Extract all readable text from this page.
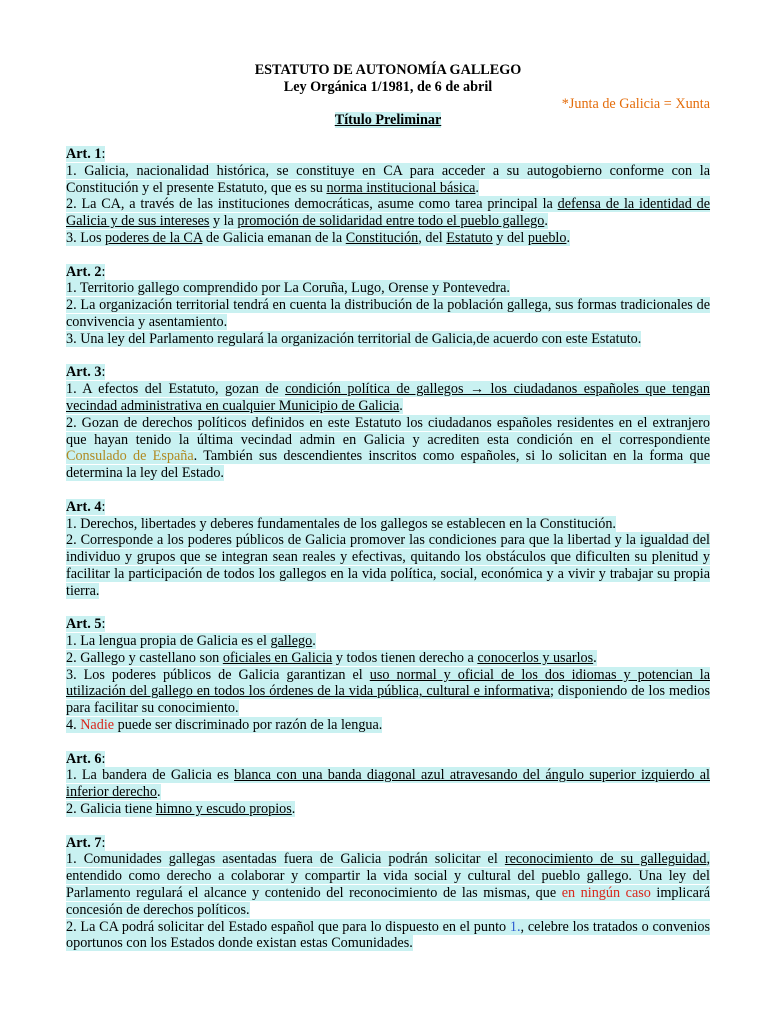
ESTATUTO DE AUTONOMÍA GALLEGO

Ley Orgánica 1/1981, de 6 de abril

*Junta de Galicia = Xunta

Título Preliminar

Art. 1:

1. Galicia, nacionalidad histórica, se constituye en CA para acceder a su autogobierno conforme con la Constitución y el presente Estatuto, que es su norma institucional básica.

2. La CA, a través de las instituciones democráticas, asume como tarea principal la defensa de la identidad de Galicia y de sus intereses y la promoción de solidaridad entre todo el pueblo gallego.

3. Los poderes de la CA de Galicia emanan de la Constitución, del Estatuto y del pueblo.

Art. 2:

1. Territorio gallego comprendido por La Coruña, Lugo, Orense y Pontevedra.

2. La organización territorial tendrá en cuenta la distribución de la población gallega, sus formas tradicionales de convivencia y asentamiento.

3. Una ley del Parlamento regulará la organización territorial de Galicia,de acuerdo con este Estatuto.

Art. 3:

1. A efectos del Estatuto, gozan de condición política de gallegos → los ciudadanos españoles que tengan vecindad administrativa en cualquier Municipio de Galicia.

2. Gozan de derechos políticos definidos en este Estatuto los ciudadanos españoles residentes en el extranjero que hayan tenido la última vecindad admin en Galicia y acrediten esta condición en el correspondiente Consulado de España. También sus descendientes inscritos como españoles, si lo solicitan en la forma que determina la ley del Estado.

Art. 4:

1. Derechos, libertades y deberes fundamentales de los gallegos se establecen en la Constitución.

2. Corresponde a los poderes públicos de Galicia promover las condiciones para que la libertad y la igualdad del individuo y grupos que se integran sean reales y efectivas, quitando los obstáculos que dificulten su plenitud y facilitar la participación de todos los gallegos en la vida política, social, económica y a vivir y trabajar su propia tierra.

Art. 5:

1. La lengua propia de Galicia es el gallego.

2. Gallego y castellano son oficiales en Galicia y todos tienen derecho a conocerlos y usarlos.

3. Los poderes públicos de Galicia garantizan el uso normal y oficial de los dos idiomas y potencian la utilización del gallego en todos los órdenes de la vida pública, cultural e informativa; disponiendo de los medios para facilitar su conocimiento.

4. Nadie puede ser discriminado por razón de la lengua.

Art. 6:

1. La bandera de Galicia es blanca con una banda diagonal azul atravesando del ángulo superior izquierdo al inferior derecho.

2. Galicia tiene himno y escudo propios.

Art. 7:

1. Comunidades gallegas asentadas fuera de Galicia podrán solicitar el reconocimiento de su galleguidad, entendido como derecho a colaborar y compartir la vida social y cultural del pueblo gallego. Una ley del Parlamento regulará el alcance y contenido del reconocimiento de las mismas, que en ningún caso implicará concesión de derechos políticos.

2. La CA podrá solicitar del Estado español que para lo dispuesto en el punto 1., celebre los tratados o convenios oportunos con los Estados donde existan estas Comunidades.
